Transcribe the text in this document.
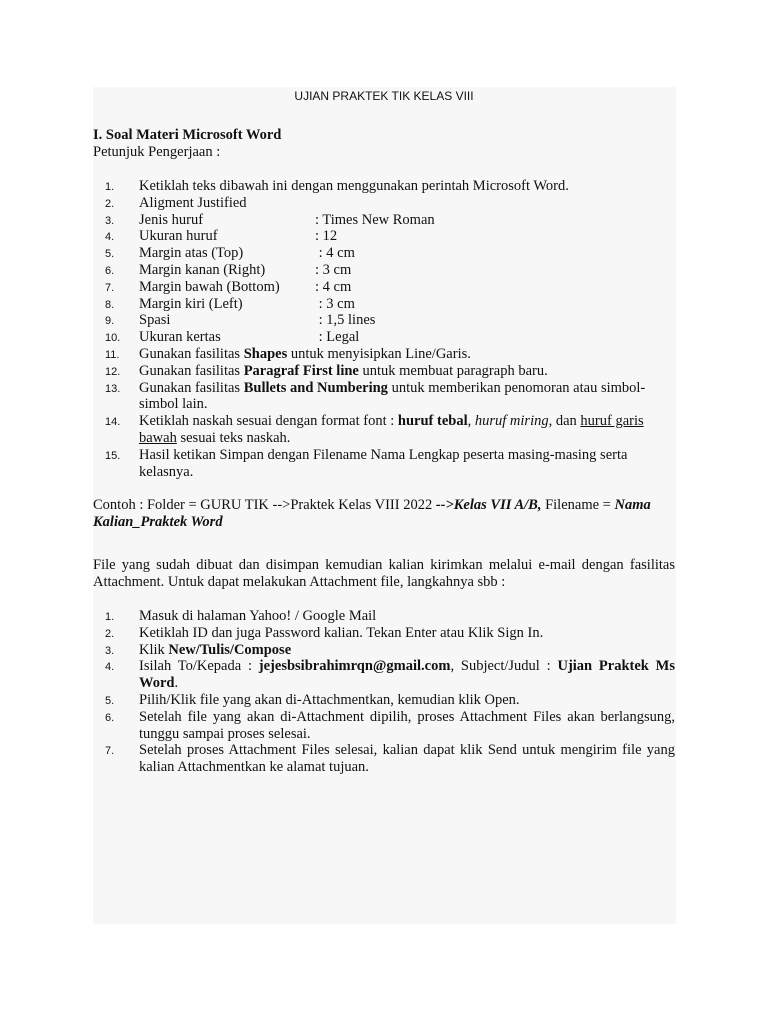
UJIAN PRAKTEK TIK KELAS VIII

I. Soal Materi Microsoft Word
Petunjuk Pengerjaan :
1.	Ketiklah teks dibawah ini dengan menggunakan perintah Microsoft Word.
2.	Aligment Justified
3.	Jenis huruf	: Times New Roman
4.	Ukuran huruf	: 12
5.	Margin atas (Top)	: 4 cm
6.	Margin kanan (Right)	: 3 cm
7.	Margin bawah (Bottom) : 4 cm
8.	Margin kiri (Left)	: 3 cm
9.	Spasi	: 1,5 lines
10.	Ukuran kertas	: Legal
11.	Gunakan fasilitas Shapes untuk menyisipkan Line/Garis.
12.	Gunakan fasilitas Paragraf First line untuk membuat paragraph baru.
13.	Gunakan fasilitas Bullets and Numbering untuk memberikan penomoran atau simbol-simbol lain.
14.	Ketiklah naskah sesuai dengan format font : huruf tebal, huruf miring, dan huruf garis bawah sesuai teks naskah.
15.	Hasil ketikan Simpan dengan Filename Nama Lengkap peserta masing-masing serta kelasnya.
Contoh : Folder = GURU TIK -->Praktek Kelas VIII 2022 -->Kelas VII A/B, Filename = Nama Kalian_Praktek Word
File yang sudah dibuat dan disimpan kemudian kalian kirimkan melalui e-mail dengan fasilitas Attachment. Untuk dapat melakukan Attachment file, langkahnya sbb :
1.	Masuk di halaman Yahoo! / Google Mail
2.	Ketiklah ID dan juga Password kalian. Tekan Enter atau Klik Sign In.
3.	Klik New/Tulis/Compose
4.	Isilah To/Kepada : jejesbsibrahimrqn@gmail.com, Subject/Judul : Ujian Praktek Ms Word.
5.	Pilih/Klik file yang akan di-Attachmentkan, kemudian klik Open.
6.	Setelah file yang akan di-Attachment dipilih, proses Attachment Files akan berlangsung, tunggu sampai proses selesai.
7.	Setelah proses Attachment Files selesai, kalian dapat klik Send untuk mengirim file yang kalian Attachmentkan ke alamat tujuan.
